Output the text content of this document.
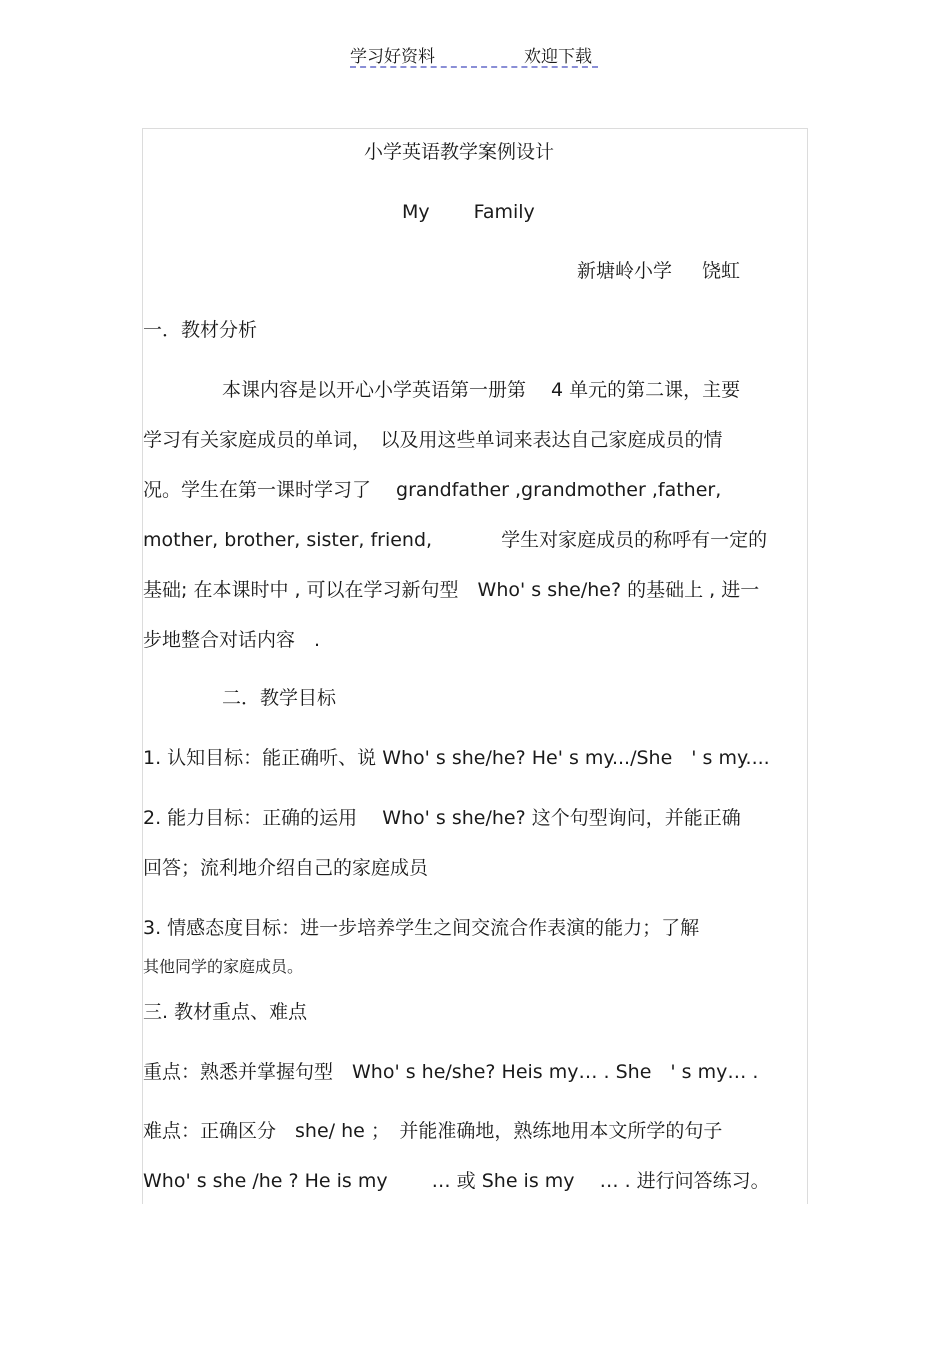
学习好资料	欢迎下载
小学英语教学案例设计
My Family
新塘岭小学 饶虹
一．教材分析
本课内容是以开心小学英语第一册第　 4 单元的第二课，主要
学习有关家庭成员的单词，　以及用这些单词来表达自己家庭成员的情
况。学生在第一课时学习了　 grandfather ,grandmother ,father,
mother, brother, sister, friend, 　　　 学生对家庭成员的称呼有一定的
基础; 在本课时中 , 可以在学习新句型　Who' s she/he? 的基础上 , 进一
步地整合对话内容　.
二．教学目标
1. 认知目标：能正确听、说 Who' s she/he? He' s my.../She　' s my....
2. 能力目标：正确的运用　 Who' s she/he? 这个句型询问，并能正确
回答；流利地介绍自己的家庭成员
3. 情感态度目标：进一步培养学生之间交流合作表演的能力；了解
其他同学的家庭成员。
三. 教材重点、难点
重点：熟悉并掌握句型　Who' s he/she? Heis my… . She　' s my… .
难点：正确区分　she/ he ；　并能准确地，熟练地用本文所学的句子
Who' s she /he ? He is my　　 … 或 She is my　 … . 进行问答练习。
